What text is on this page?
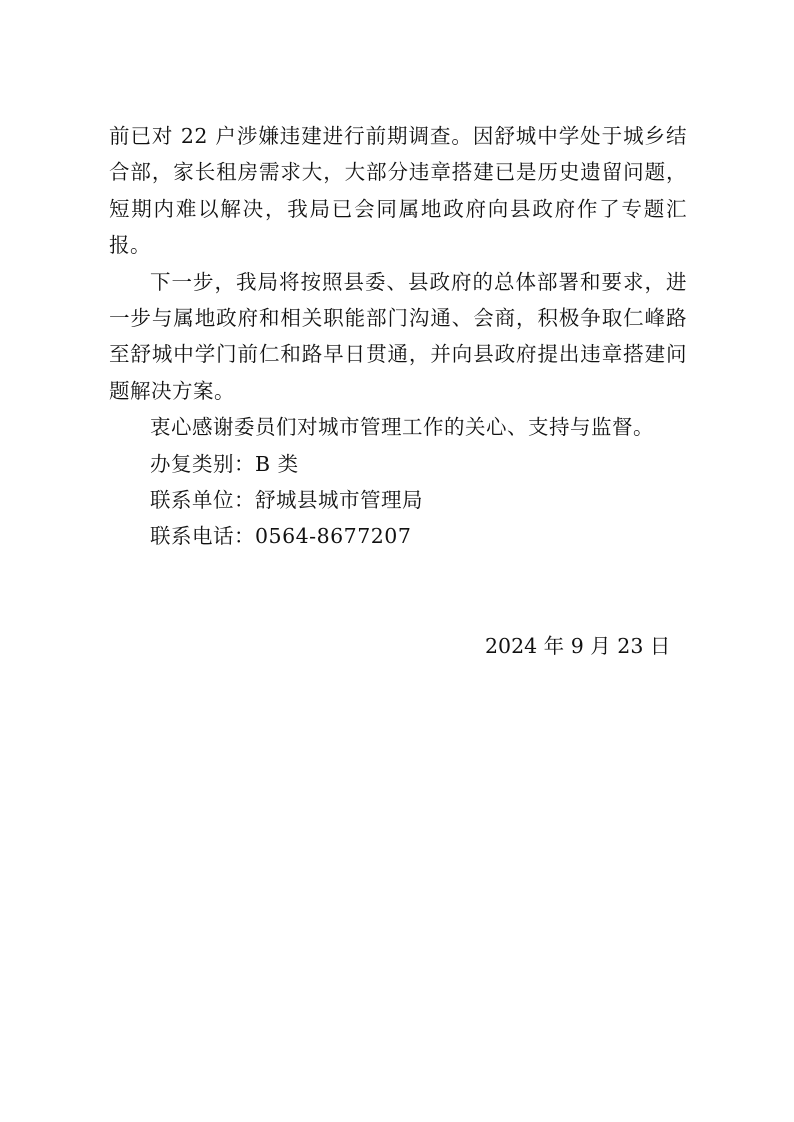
前已对 22 户涉嫌违建进行前期调查。因舒城中学处于城乡结合部，家长租房需求大，大部分违章搭建已是历史遗留问题，短期内难以解决，我局已会同属地政府向县政府作了专题汇报。

下一步，我局将按照县委、县政府的总体部署和要求，进一步与属地政府和相关职能部门沟通、会商，积极争取仁峰路至舒城中学门前仁和路早日贯通，并向县政府提出违章搭建问题解决方案。

衷心感谢委员们对城市管理工作的关心、支持与监督。

办复类别：B 类

联系单位：舒城县城市管理局

联系电话：0564-8677207

2024 年 9 月 23 日
